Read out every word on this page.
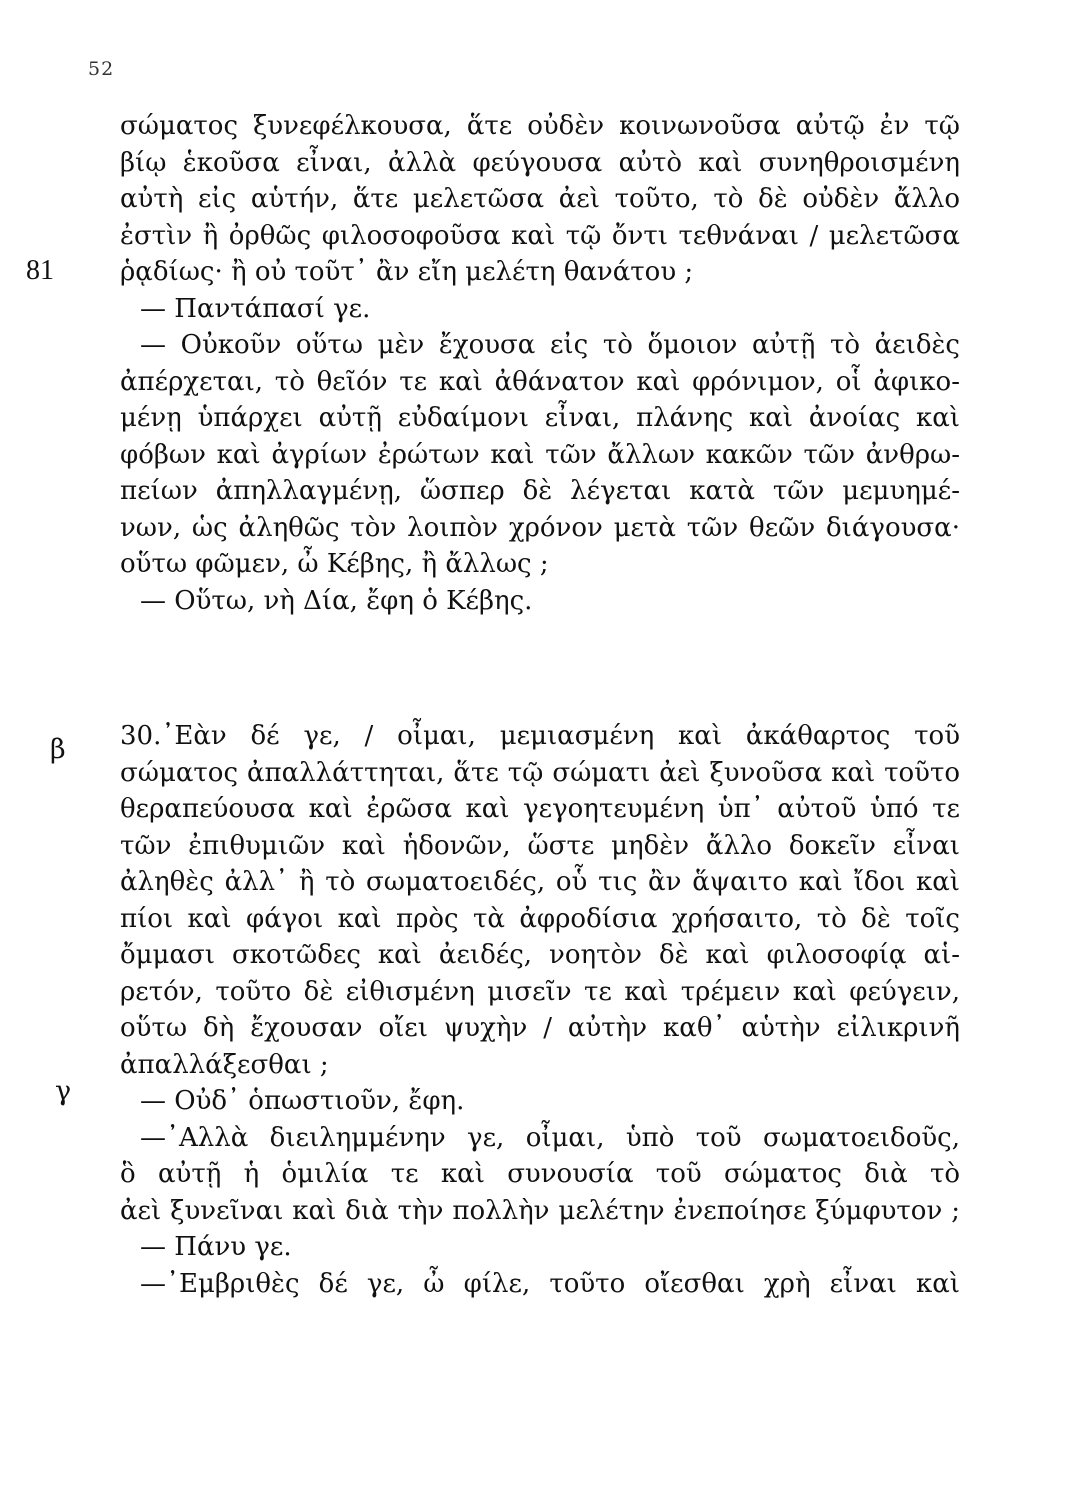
52
81
β
γ
σώματος ξυνεφέλκουσα, ἅτε οὐδὲν κοινωνοῦσα αὐτῷ ἐν τῷ
βίῳ ἑκοῦσα εἶναι, ἀλλὰ φεύγουσα αὐτὸ καὶ συνηθροισμένη
αὐτὴ εἰς αὑτήν, ἅτε μελετῶσα ἀεὶ τοῦτο, τὸ δὲ οὐδὲν ἄλλο
ἐστὶν ἢ ὀρθῶς φιλοσοφοῦσα καὶ τῷ ὄντι τεθνάναι / μελετῶσα
ῥᾳδίως· ἢ οὐ τοῦτ᾽ ἂν εἴη μελέτη θανάτου ;
— Παντάπασί γε.
— Οὐκοῦν οὕτω μὲν ἔχουσα εἰς τὸ ὅμοιον αὐτῇ τὸ ἀειδὲς
ἀπέρχεται, τὸ θεῖόν τε καὶ ἀθάνατον καὶ φρόνιμον, οἷ ἀφικο-
μένῃ ὑπάρχει αὐτῇ εὐδαίμονι εἶναι, πλάνης καὶ ἀνοίας καὶ
φόβων καὶ ἀγρίων ἐρώτων καὶ τῶν ἄλλων κακῶν τῶν ἀνθρω-
πείων ἀπηλλαγμένῃ, ὥσπερ δὲ λέγεται κατὰ τῶν μεμυημέ-
νων, ὡς ἀληθῶς τὸν λοιπὸν χρόνον μετὰ τῶν θεῶν διάγουσα·
οὕτω φῶμεν, ὦ Κέβης, ἢ ἄλλως ;
— Οὕτω, νὴ Δία, ἔφη ὁ Κέβης.
30.᾽Εὰν δέ γε, / οἶμαι, μεμιασμένη καὶ ἀκάθαρτος τοῦ
σώματος ἀπαλλάττηται, ἅτε τῷ σώματι ἀεὶ ξυνοῦσα καὶ τοῦτο
θεραπεύουσα καὶ ἐρῶσα καὶ γεγοητευμένη ὑπ᾽ αὐτοῦ ὑπό τε
τῶν ἐπιθυμιῶν καὶ ἡδονῶν, ὥστε μηδὲν ἄλλο δοκεῖν εἶναι
ἀληθὲς ἀλλ᾽ ἢ τὸ σωματοειδές, οὗ τις ἂν ἅψαιτο καὶ ἴδοι καὶ
πίοι καὶ φάγοι καὶ πρὸς τὰ ἀφροδίσια χρήσαιτο, τὸ δὲ τοῖς
ὄμμασι σκοτῶδες καὶ ἀειδές, νοητὸν δὲ καὶ φιλοσοφίᾳ αἱ-
ρετόν, τοῦτο δὲ εἰθισμένη μισεῖν τε καὶ τρέμειν καὶ φεύγειν,
οὕτω δὴ ἔχουσαν οἴει ψυχὴν / αὐτὴν καθ᾽ αὑτὴν εἰλικρινῆ
ἀπαλλάξεσθαι ;
— Οὐδ᾽ ὁπωστιοῦν, ἔφη.
—᾽Αλλὰ διειλημμένην γε, οἶμαι, ὑπὸ τοῦ σωματοειδοῦς,
ὃ αὐτῇ ἡ ὁμιλία τε καὶ συνουσία τοῦ σώματος διὰ τὸ
ἀεὶ ξυνεῖναι καὶ διὰ τὴν πολλὴν μελέτην ἐνεποίησε ξύμφυτον ;
— Πάνυ γε.
—᾽Εμβριθὲς δέ γε, ὦ φίλε, τοῦτο οἴεσθαι χρὴ εἶναι καὶ
